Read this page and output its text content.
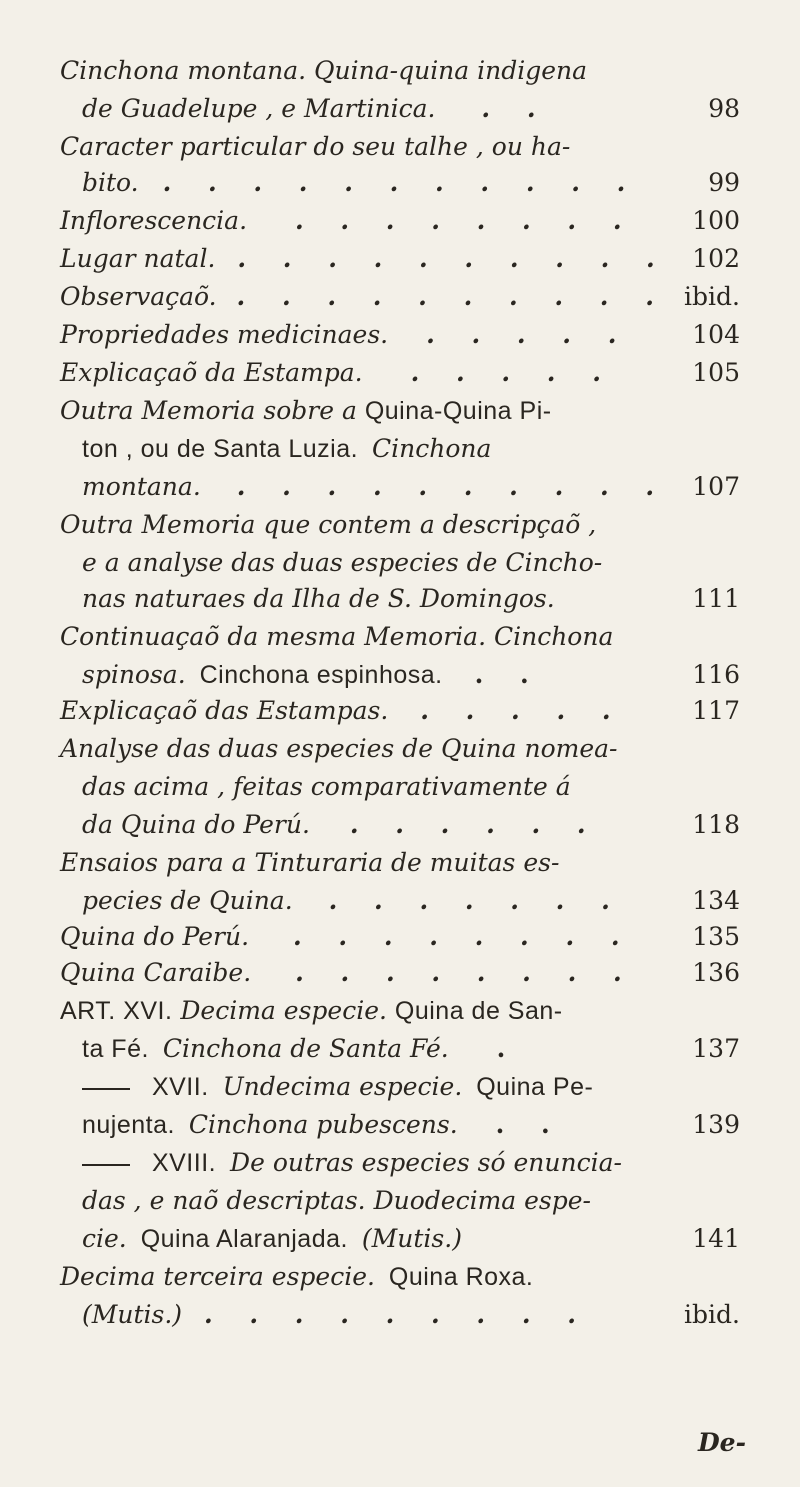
Cinchona montana. Quina-quina indigena
de Guadelupe , e Martinica. . .	98
Caracter particular do seu talhe , ou ha-
bito. . . . . . . . . . . .	99
Inflorescencia. . . . . . . . . 100
Lugar natal. . . . . . . . . . . 102
Observaçaõ. . . . . . . . . . . ibid.
Propriedades medicinaes. . . . . . 104
Explicaçaõ da Estampa. . . . . .	105
Outra Memoria sobre a Quina-Quina Pi-
ton , ou de Santa Luzia. Cinchona
montana. . . . . . . . . . . 107
Outra Memoria que contem a descripçaõ ,
e a analyse das duas especies de Cincho-
nas naturaes da Ilha de S. Domingos.	111
Continuaçaõ da mesma Memoria. Cinchona
spinosa. Cinchona espinhosa. . .	116
Explicaçaõ das Estampas. . . . . .	117
Analyse das duas especies de Quina nomea-
das acima , feitas comparativamente á
da Quina do Perú. . . . . . .	118
Ensaios para a Tinturaria de muitas es-
pecies de Quina. . . . . . . .	134
Quina do Perú. . . . . . . . . 135
Quina Caraibe. . . . . . . . . 136
ART. XVI. Decima especie. Quina de San-
ta Fé. Cinchona de Santa Fé. .	137
XVII. Undecima especie. Quina Pe-
nujenta. Cinchona pubescens. . .	139
XVIII. De outras especies só enuncia-
das , e naõ descriptas. Duodecima espe-
cie. Quina Alaranjada. (Mutis.)	141
Decima terceira especie. Quina Roxa.
(Mutis.) . . . . . . . . .	ibid.
De-
